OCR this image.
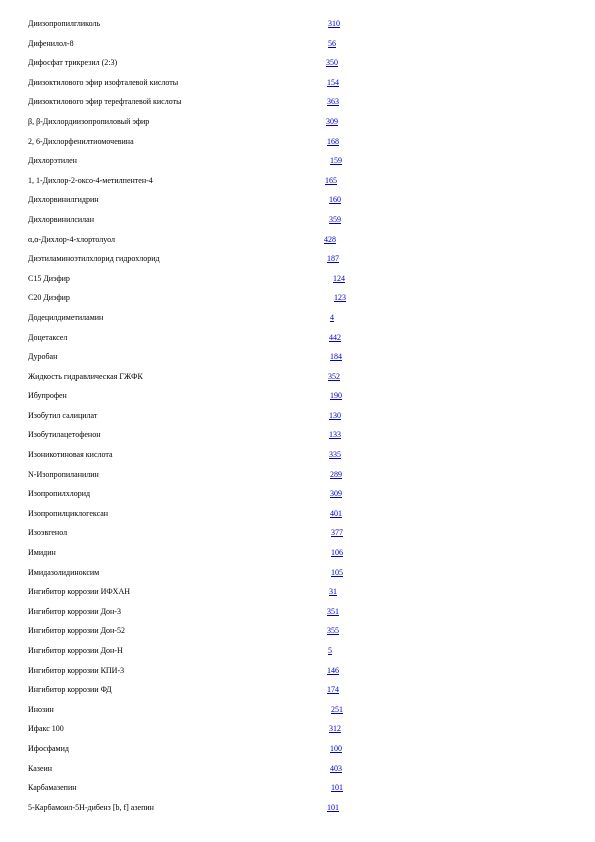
Диизопропилгликоль	310
Дифенилол-8	56
Дифосфат трикрезил (2:3)	350
Диизоктилового эфир изофталевой кислоты	154
Диизоктилового эфир терефталевой кислоты	363
β, β-Дихлордиизопропиловый эфир	309
2, 6-Дихлорфенилтиомочевина	168
Дихлорэтилен	159
1, 1-Дихлор-2-оксо-4-метилпентен-4	165
Дихлорвинилгидрин	160
Дихлорвинилсилан	359
α,α-Дихлор-4-хлортолуол	428
Диэтиламиноэтилхлорид гидрохлорид	187
С15 Диэфир	124
С20 Диэфир	123
Додецилдиметиламин	4
Доцетаксел	442
Дуробан	184
Жидкость гидравлическая ГЖФК	352
Ибупрофен	190
Изобутил салицилат	130
Изобутилацетофенон	133
Изоникотиновая кислота	335
N-Изопропиланилин	289
Изопропилхлорид	309
Изопропилциклогексан	401
Изоэвгенол	377
Имидин	106
Имидазолидиноксим	105
Ингибитор коррозии ИФХАН	31
Ингибитор коррозии Дон-3	351
Ингибитор коррозии Дон-52	355
Ингибитор коррозии Дон-Н	5
Ингибитор коррозии КПИ-3	146
Ингибитор коррозии ФД	174
Инозин	251
Ифакс 100	312
Ифосфамид	100
Казеин	403
Карбамазепин	101
5-Карбамоил-5Н-дибенз [b, f] азепин	101
